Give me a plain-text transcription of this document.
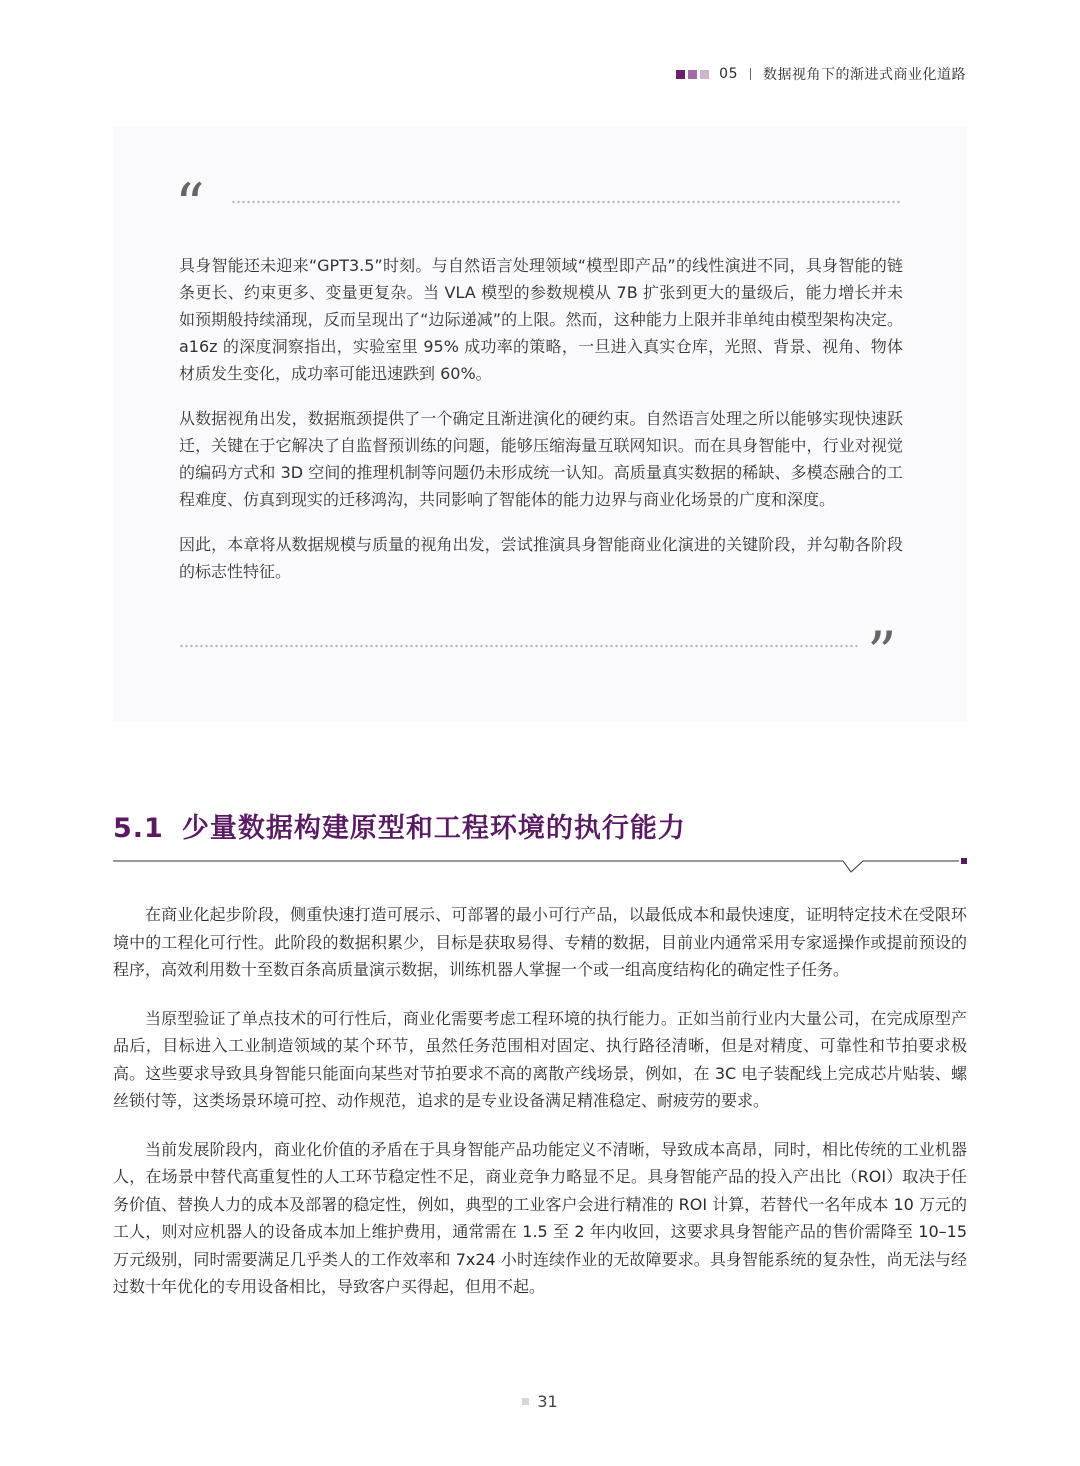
05 数据视角下的渐进式商业化道路
“

具身智能还未迎来“GPT3.5”时刻。与自然语言处理领域“模型即产品”的线性演进不同，具身智能的链条更长、约束更多、变量更复杂。当 VLA 模型的参数规模从 7B 扩张到更大的量级后，能力增长并未如预期般持续涌现，反而呈现出了“边际递减”的上限。然而，这种能力上限并非单纯由模型架构决定。a16z 的深度洞察指出，实验室里 95% 成功率的策略，一旦进入真实仓库，光照、背景、视角、物体材质发生变化，成功率可能迅速跌到 60%。

从数据视角出发，数据瓶颈提供了一个确定且渐进演化的硬约束。自然语言处理之所以能够实现快速跃迁，关键在于它解决了自监督预训练的问题，能够压缩海量互联网知识。而在具身智能中，行业对视觉的编码方式和 3D 空间的推理机制等问题仍未形成统一认知。高质量真实数据的稀缺、多模态融合的工程难度、仿真到现实的迁移鸿沟，共同影响了智能体的能力边界与商业化场景的广度和深度。

因此，本章将从数据规模与质量的视角出发，尝试推演具身智能商业化演进的关键阶段，并勾勒各阶段的标志性特征。

”
5.1 少量数据构建原型和工程环境的执行能力

在商业化起步阶段，侧重快速打造可展示、可部署的最小可行产品，以最低成本和最快速度，证明特定技术在受限环境中的工程化可行性。此阶段的数据积累少，目标是获取易得、专精的数据，目前业内通常采用专家遥操作或提前预设的程序，高效利用数十至数百条高质量演示数据，训练机器人掌握一个或一组高度结构化的确定性子任务。

当原型验证了单点技术的可行性后，商业化需要考虑工程环境的执行能力。正如当前行业内大量公司，在完成原型产品后，目标进入工业制造领域的某个环节，虽然任务范围相对固定、执行路径清晰，但是对精度、可靠性和节拍要求极高。这些要求导致具身智能只能面向某些对节拍要求不高的离散产线场景，例如，在 3C 电子装配线上完成芯片贴装、螺丝锁付等，这类场景环境可控、动作规范，追求的是专业设备满足精准稳定、耐疲劳的要求。

当前发展阶段内，商业化价值的矛盾在于具身智能产品功能定义不清晰，导致成本高昂，同时，相比传统的工业机器人，在场景中替代高重复性的人工环节稳定性不足，商业竞争力略显不足。具身智能产品的投入产出比（ROI）取决于任务价值、替换人力的成本及部署的稳定性，例如，典型的工业客户会进行精准的 ROI 计算，若替代一名年成本 10 万元的工人，则对应机器人的设备成本加上维护费用，通常需在 1.5 至 2 年内收回，这要求具身智能产品的售价需降至 10–15 万元级别，同时需要满足几乎类人的工作效率和 7x24 小时连续作业的无故障要求。具身智能系统的复杂性，尚无法与经过数十年优化的专用设备相比，导致客户买得起，但用不起。

31
